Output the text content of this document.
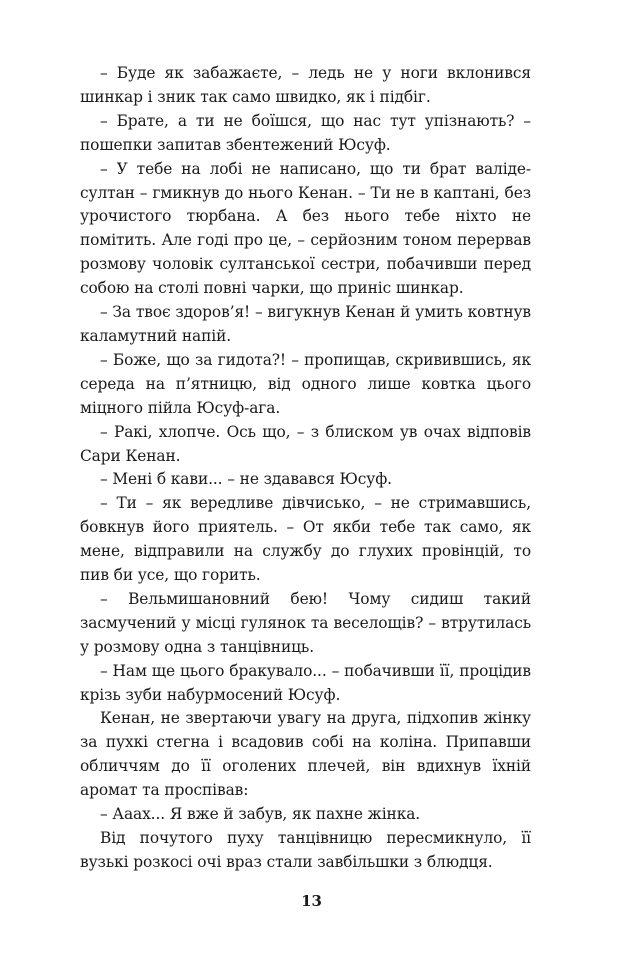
– Буде як забажаєте, – ледь не у ноги вклонився шинкар і зник так само швидко, як і підбіг.

– Брате, а ти не боїшся, що нас тут упізнають? – пошепки запитав збентежений Юсуф.

– У тебе на лобі не написано, що ти брат валіде-султан – гмикнув до нього Кенан. – Ти не в каптані, без урочистого тюрбана. А без нього тебе ніхто не помітить. Але годі про це, – серйозним тоном перервав розмову чоловік султанської сестри, побачивши перед собою на столі повні чарки, що приніс шинкар.

– За твоє здоров’я! – вигукнув Кенан й умить ковтнув каламутний напій.

– Боже, що за гидота?! – пропищав, скривившись, як середа на п’ятницю, від одного лише ковтка цього міцного пійла Юсуф-ага.

– Ракі, хлопче. Ось що, – з блиском ув очах відповів Сари Кенан.

– Мені б кави... – не здавався Юсуф.

– Ти – як вередливе дівчисько, – не стримавшись, бовкнув його приятель. – От якби тебе так само, як мене, відправили на службу до глухих провінцій, то пив би усе, що горить.

– Вельмишановний бею! Чому сидиш такий засмучений у місці гулянок та веселощів? – втрутилась у розмову одна з танцівниць.

– Нам ще цього бракувало... – побачивши її, процідив крізь зуби набурмосений Юсуф.

Кенан, не звертаючи увагу на друга, підхопив жінку за пухкі стегна і всадовив собі на коліна. Припавши обличчям до її оголених плечей, він вдихнув їхній аромат та проспівав:

– Ааах... Я вже й забув, як пахне жінка.

Від почутого пуху танцівницю пересмикнуло, її вузькі розкосі очі враз стали завбільшки з блюдця.

13
